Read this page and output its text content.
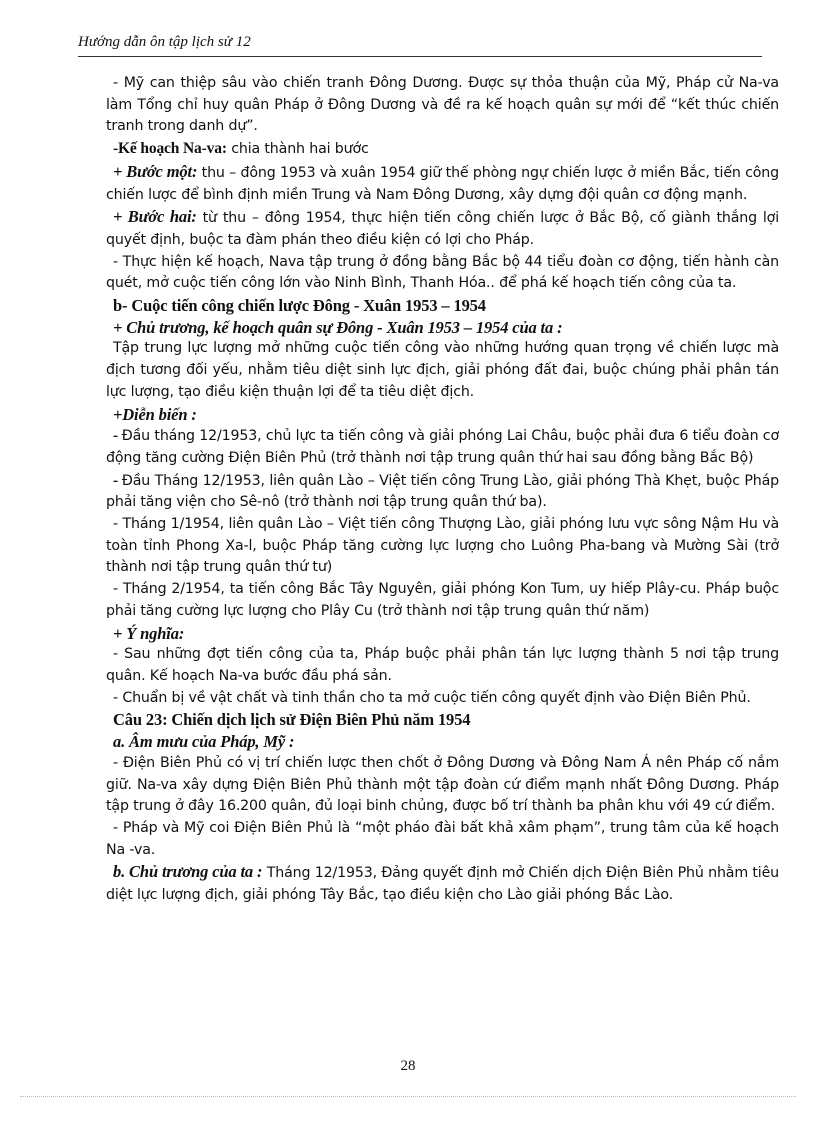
Hướng dẫn ôn tập lịch sử 12

- Mỹ can thiệp sâu vào chiến tranh Đông Dương. Được sự thỏa thuận của Mỹ, Pháp cử Na-va làm Tổng chỉ huy quân Pháp ở Đông Dương và đề ra kế hoạch quân sự mới để “kết thúc chiến tranh trong danh dự”.

-Kế hoạch Na-va: chia thành hai bước

+ Bước một: thu – đông 1953 và xuân 1954 giữ thế phòng ngự chiến lược ở miền Bắc, tiến công chiến lược để bình định miền Trung và Nam Đông Dương, xây dựng đội quân cơ động mạnh.

+ Bước hai: từ thu – đông 1954, thực hiện tiến công chiến lược ở Bắc Bộ, cố giành thắng lợi quyết định, buộc ta đàm phán theo điều kiện có lợi cho Pháp.

- Thực hiện kế hoạch, Nava tập trung ở đồng bằng Bắc bộ 44 tiểu đoàn cơ động, tiến hành càn quét, mở cuộc tiến công lớn vào Ninh Bình, Thanh Hóa.. để phá kế hoạch tiến công của ta.

b- Cuộc tiến công chiến lược Đông - Xuân 1953 – 1954

+ Chủ trương, kế hoạch quân sự Đông - Xuân 1953 – 1954 của ta :

Tập trung lực lượng mở những cuộc tiến công vào những hướng quan trọng về chiến lược mà địch tương đối yếu, nhằm tiêu diệt sinh lực địch, giải phóng đất đai, buộc chúng phải phân tán lực lượng, tạo điều kiện thuận lợi để ta tiêu diệt địch.

+Diễn biến :

- Đầu tháng 12/1953, chủ lực ta tiến công và giải phóng Lai Châu, buộc phải đưa 6 tiểu đoàn cơ động tăng cường Điện Biên Phủ (trở thành nơi tập trung quân thứ hai sau đồng bằng Bắc Bộ)

- Đầu Tháng 12/1953, liên quân Lào – Việt tiến công Trung Lào, giải phóng Thà Khẹt, buộc Pháp phải tăng viện cho Sê-nô (trở thành nơi tập trung quân thứ ba).

- Tháng 1/1954, liên quân Lào – Việt tiến công Thượng Lào, giải phóng lưu vực sông Nậm Hu và toàn tỉnh Phong Xa-l, buộc Pháp tăng cường lực lượng cho Luông Pha-bang và Mường Sài (trở thành nơi tập trung quân thứ tư)

- Tháng 2/1954, ta tiến công Bắc Tây Nguyên, giải phóng Kon Tum, uy hiếp Plây-cu. Pháp buộc phải tăng cường lực lượng cho Plây Cu (trở thành nơi tập trung quân thứ năm)

+ Ý nghĩa:

- Sau những đợt tiến công của ta, Pháp buộc phải phân tán lực lượng thành 5 nơi tập trung quân. Kế hoạch Na-va bước đầu phá sản.

- Chuẩn bị về vật chất và tinh thần cho ta mở cuộc tiến công quyết định vào Điện Biên Phủ.

Câu 23: Chiến dịch lịch sử Điện Biên Phủ năm 1954

a. Âm mưu của Pháp, Mỹ :

- Điện Biên Phủ có vị trí chiến lược then chốt ở Đông Dương và Đông Nam Á nên Pháp cố nắm giữ. Na-va xây dựng Điện Biên Phủ thành một tập đoàn cứ điểm mạnh nhất Đông Dương. Pháp tập trung ở đây 16.200 quân, đủ loại binh chủng, được bố trí thành ba phân khu với 49 cứ điểm.

- Pháp và Mỹ coi Điện Biên Phủ là “một pháo đài bất khả xâm phạm”, trung tâm của kế hoạch Na -va.

b. Chủ trương của ta : Tháng 12/1953, Đảng quyết định mở Chiến dịch Điện Biên Phủ nhằm tiêu diệt lực lượng địch, giải phóng Tây Bắc, tạo điều kiện cho Lào giải phóng Bắc Lào.

28
